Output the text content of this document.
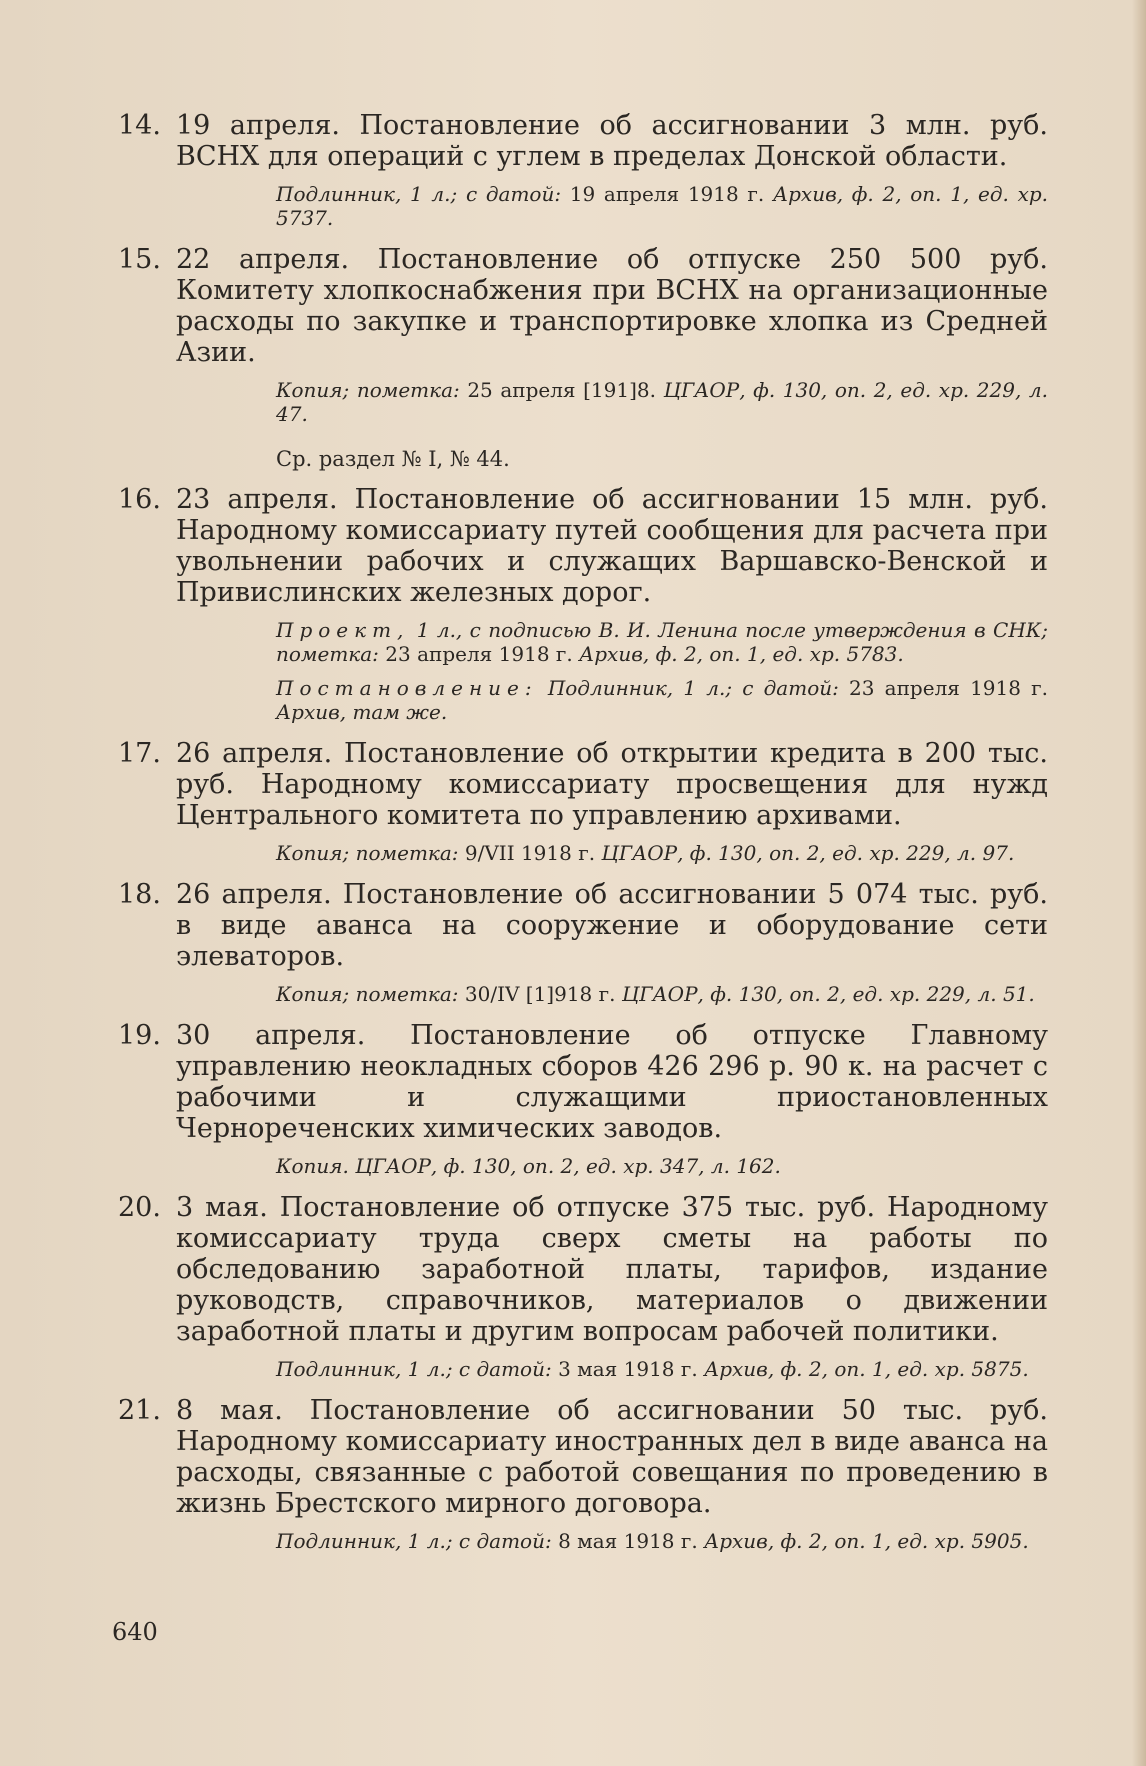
14. 19 апреля. Постановление об ассигновании 3 млн. руб. ВСНХ для операций с углем в пределах Донской области.
Подлинник, 1 л.; с датой: 19 апреля 1918 г. Архив, ф. 2, оп. 1, ед. хр. 5737.
15. 22 апреля. Постановление об отпуске 250 500 руб. Комитету хлопкоснабжения при ВСНХ на организационные расходы по закупке и транспортировке хлопка из Средней Азии.
Копия; пометка: 25 апреля [191]8. ЦГАОР, ф. 130, оп. 2, ед. хр. 229, л. 47.
Ср. раздел № I, № 44.
16. 23 апреля. Постановление об ассигновании 15 млн. руб. Народному комиссариату путей сообщения для расчета при увольнении рабочих и служащих Варшавско-Венской и Привислинских железных дорог.
Проект, 1 л., с подписью В. И. Ленина после утверждения в СНК; пометка: 23 апреля 1918 г. Архив, ф. 2, оп. 1, ед. хр. 5783.
Постановление: Подлинник, 1 л.; с датой: 23 апреля 1918 г. Архив, там же.
17. 26 апреля. Постановление об открытии кредита в 200 тыс. руб. Народному комиссариату просвещения для нужд Центрального комитета по управлению архивами.
Копия; пометка: 9/VII 1918 г. ЦГАОР, ф. 130, оп. 2, ед. хр. 229, л. 97.
18. 26 апреля. Постановление об ассигновании 5 074 тыс. руб. в виде аванса на сооружение и оборудование сети элеваторов.
Копия; пометка: 30/IV [1]918 г. ЦГАОР, ф. 130, оп. 2, ед. хр. 229, л. 51.
19. 30 апреля. Постановление об отпуске Главному управлению неокладных сборов 426 296 р. 90 к. на расчет с рабочими и служащими приостановленных Чернореченских химических заводов.
Копия. ЦГАОР, ф. 130, оп. 2, ед. хр. 347, л. 162.
20. 3 мая. Постановление об отпуске 375 тыс. руб. Народному комиссариату труда сверх сметы на работы по обследованию заработной платы, тарифов, издание руководств, справочников, материалов о движении заработной платы и другим вопросам рабочей политики.
Подлинник, 1 л.; с датой: 3 мая 1918 г. Архив, ф. 2, оп. 1, ед. хр. 5875.
21. 8 мая. Постановление об ассигновании 50 тыс. руб. Народному комиссариату иностранных дел в виде аванса на расходы, связанные с работой совещания по проведению в жизнь Брестского мирного договора.
Подлинник, 1 л.; с датой: 8 мая 1918 г. Архив, ф. 2, оп. 1, ед. хр. 5905.
640
